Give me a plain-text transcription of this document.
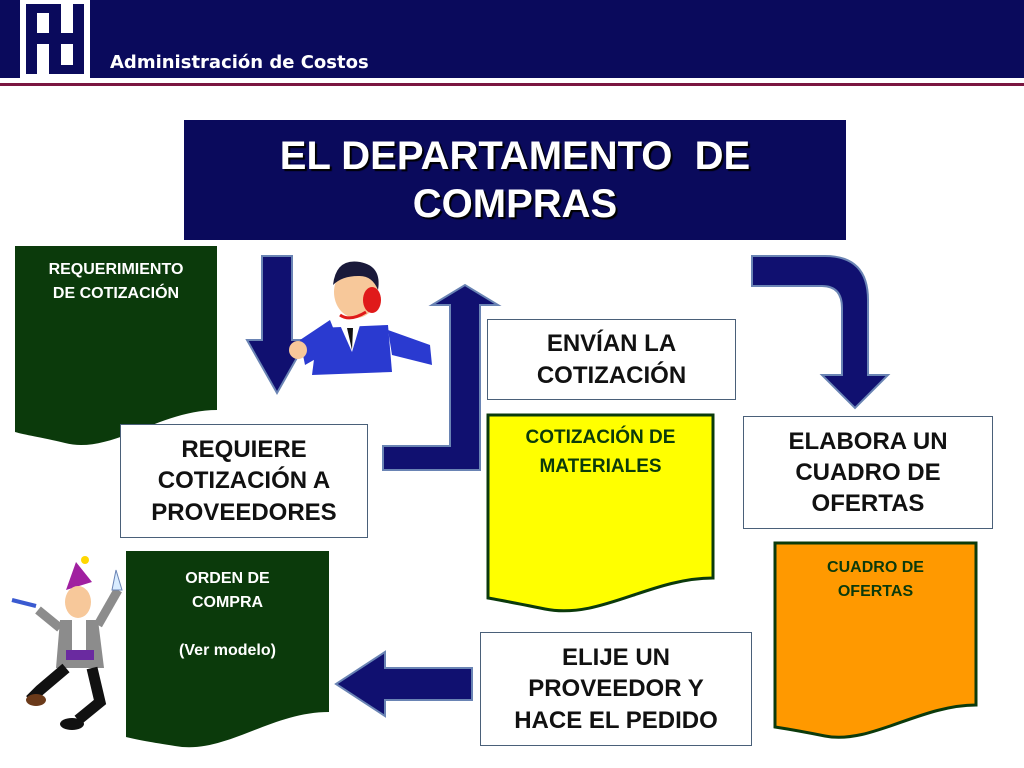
Administración de Costos
EL DEPARTAMENTO  DE
COMPRAS
REQUERIMIENTO
DE COTIZACIÓN
COTIZACIÓN DE
MATERIALES
CUADRO DE
OFERTAS
ORDEN DE
COMPRA
(Ver modelo)
REQUIERE
COTIZACIÓN A
PROVEEDORES
ENVÍAN LA
COTIZACIÓN
ELABORA UN
CUADRO DE
OFERTAS
ELIJE UN
PROVEEDOR Y
HACE EL PEDIDO
